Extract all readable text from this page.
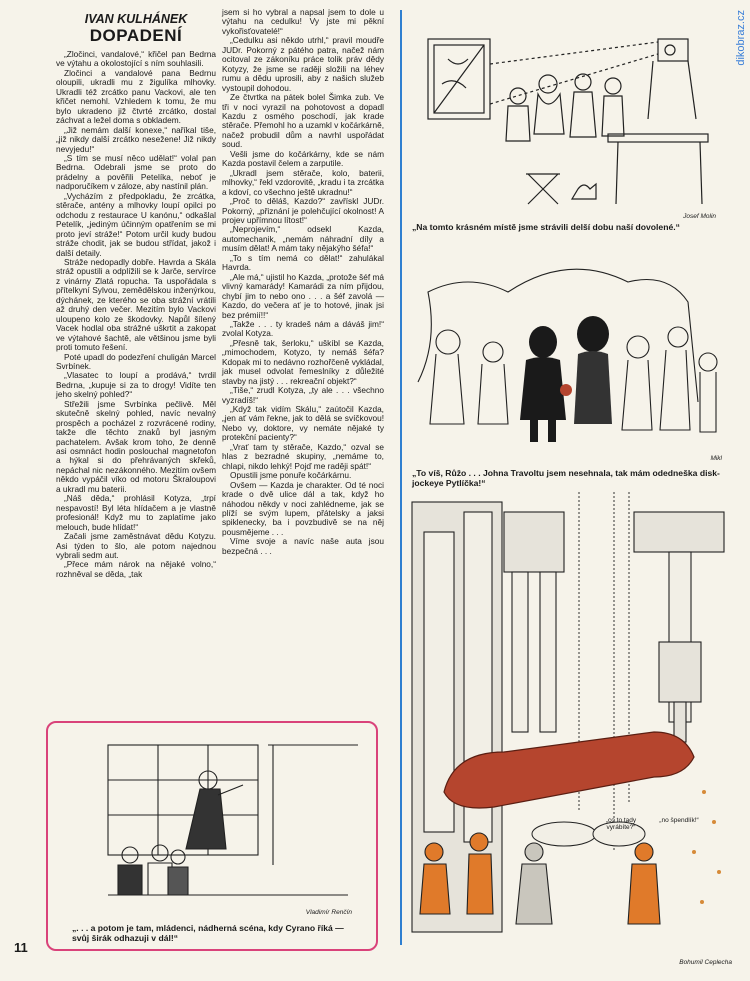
IVAN KULHÁNEK
DOPADENÍ

„Zločinci, vandalové,“ křičel pan Bedrna ve výtahu a okolostojící s ním souhlasili.

Zločinci a vandalové pana Bedrnu oloupili, ukradli mu z žigulíka mlhovky. Ukradli též zrcátko panu Vackovi, ale ten křičet nemohl. Vzhledem k tomu, že mu bylo ukradeno již čtvrté zrcátko, dostal záchvat a ležel doma s obkladem.

„Již nemám další konexe,“ naříkal tiše, „již nikdy další zrcátko nesežene! Již nikdy nevyjedu!“

„S tím se musí něco udělat!“ volal pan Bedrna. Odebrali jsme se proto do prádelny a pověřili Petelíka, neboť je nadporučíkem v záloze, aby nastínil plán.

„Vycházím z předpokladu, že zrcátka, stěrače, antény a mlhovky loupí opilci po odchodu z restaurace U kanónu,“ odkašlal Petelík, „jediným účinným opatřením se mi proto jeví stráže!“ Potom určil kudy budou stráže chodit, jak se budou střídat, jakož i další detaily.

Stráže nedopadly dobře. Havrda a Skála stráž opustili a odplížili se k Jarče, servírce z vinárny Zlatá ropucha. Ta uspořádala s přítelkyní Sylvou, zemědělskou inženýrkou, dýchánek, ze kterého se oba strážní vrátili až druhý den večer. Mezitím bylo Vackovi uloupeno kolo ze škodovky. Napůl šílený Vacek hodlal oba strážné uškrtit a zakopat ve výtahové šachtě, ale většinou jsme byli proti tomuto řešení.

Poté upadl do podezření chuligán Marcel Svrbínek.

„Vlasatec to loupí a prodává,“ tvrdil Bedrna, „kupuje si za to drogy! Vidíte ten jeho skelný pohled?“

Střežili jsme Svrbínka pečlivě. Měl skutečně skelný pohled, navíc nevalný prospěch a pocházel z rozvrácené rodiny, takže dle těchto znaků byl jasným pachatelem. Avšak krom toho, že denně asi osmnáct hodin poslouchal magnetofon a hýkal si do přehrávaných skřeků, nepáchal nic nezákonného. Mezitím ovšem někdo vypáčil víko od motoru Škraloupovi a ukradl mu baterii.

„Náš děda,“ prohlásil Kotyza, „trpí nespavostí! Byl léta hlídačem a je vlastně profesionál! Když mu to zaplatíme jako melouch, bude hlídat!“

Začali jsme zaměstnávat dědu Kotyzu. Asi týden to šlo, ale potom najednou vybrali sedm aut.

„Přece mám nárok na nějaké volno,“ rozhněval se děda, „tak

jsem si ho vybral a napsal jsem to dole u výtahu na cedulku! Vy jste mi pěkní vykořisťovatelé!“

„Cedulku asi někdo utrhl,“ pravil moudře JUDr. Pokorný z pátého patra, načež nám ocitoval ze zákoníku práce tolik práv dědy Kotyzy, že jsme se raději složili na léhev rumu a dědu uprosili, aby z našich služeb vystoupil dohodou.

Ze čtvrtka na pátek bolel Šimka zub. Ve tři v noci vyrazil na pohotovost a dopadl Kazdu z osmého poschodí, jak krade stěrače. Přemohl ho a uzamkl v kočárkárně, načež probudil dům a navrhl uspořádat soud.

Vešli jsme do kočárkárny, kde se nám Kazda postavil čelem a zarputile.

„Ukradl jsem stěrače, kolo, baterii, mlhovky,“ řekl vzdorovitě, „kradu i ta zrcátka a kdoví, co všechno ještě ukradnu!“

„Proč to děláš, Kazdo?“ zavřískl JUDr. Pokorný, „přiznání je polehčující okolnost! A projev upřímnou lítost!“

„Neprojevím,“ odsekl Kazda, automechanik, „nemám náhradní díly a musím dělat! A mám taky nějakýho šéfa!“

„To s tím nemá co dělat!“ zahulákal Havrda.

„Ale má,“ ujistil ho Kazda, „protože šéf má vlivný kamarády! Kamarádi za ním přijdou, chybí jim to nebo ono . . . a šéf zavolá — Kazdo, do večera ať je to hotové, jinak jsi bez prémií!!“

„Takže . . . ty kradeš nám a dáváš jim!“ zvolal Kotyza.

„Přesně tak, šerloku,“ uškíbl se Kazda, „mimochodem, Kotyzo, ty nemáš šéfa? Kdopak mi to nedávno rozhořčeně vykládal, jak musel odvolat řemeslníky z důležité stavby na jistý . . . rekreační objekt?“

„Tiše,“ zrudl Kotyza, „ty ale . . . všechno vyzradíš!“

„Když tak vidím Skálu,“ zaútočil Kazda, „jen ať vám řekne, jak to dělá se svíčkovou! Nebo vy, doktore, vy nemáte nějaké ty protekční pacienty?“

„Vrať tam ty stěrače, Kazdo,“ ozval se hlas z bezradné skupiny, „nemáme to, chlapi, nikdo lehký! Pojď me raději spát!“

Opustili jsme ponuře kočárkárnu.

Ovšem — Kazda je charakter. Od té noci krade o dvě ulice dál a tak, když ho náhodou někdy v noci zahlédneme, jak se plíží se svým lupem, přátelsky a jaksi spiklenecky, ba i povzbudivě se na něj pousmějeme . . .

Víme svoje a navíc naše auta jsou bezpečná . . .

Josef Molin
„Na tomto krásném místě jsme strávili delší dobu naší dovolené.“
Mikl
„To víš, Růžo . . . Johna Travoltu jsem nesehnala, tak mám odedneška disk-jockeye Pytlíčka!“
„co to tady vyrábíte?“
„no špendlík!“
Bohumil Ceplecha
Vladimír Renčín
„. . . a potom je tam, mládenci, nádherná scéna, kdy Cyrano říká — svůj širák odhazuji v dál!“
11
dikobraz.cz
